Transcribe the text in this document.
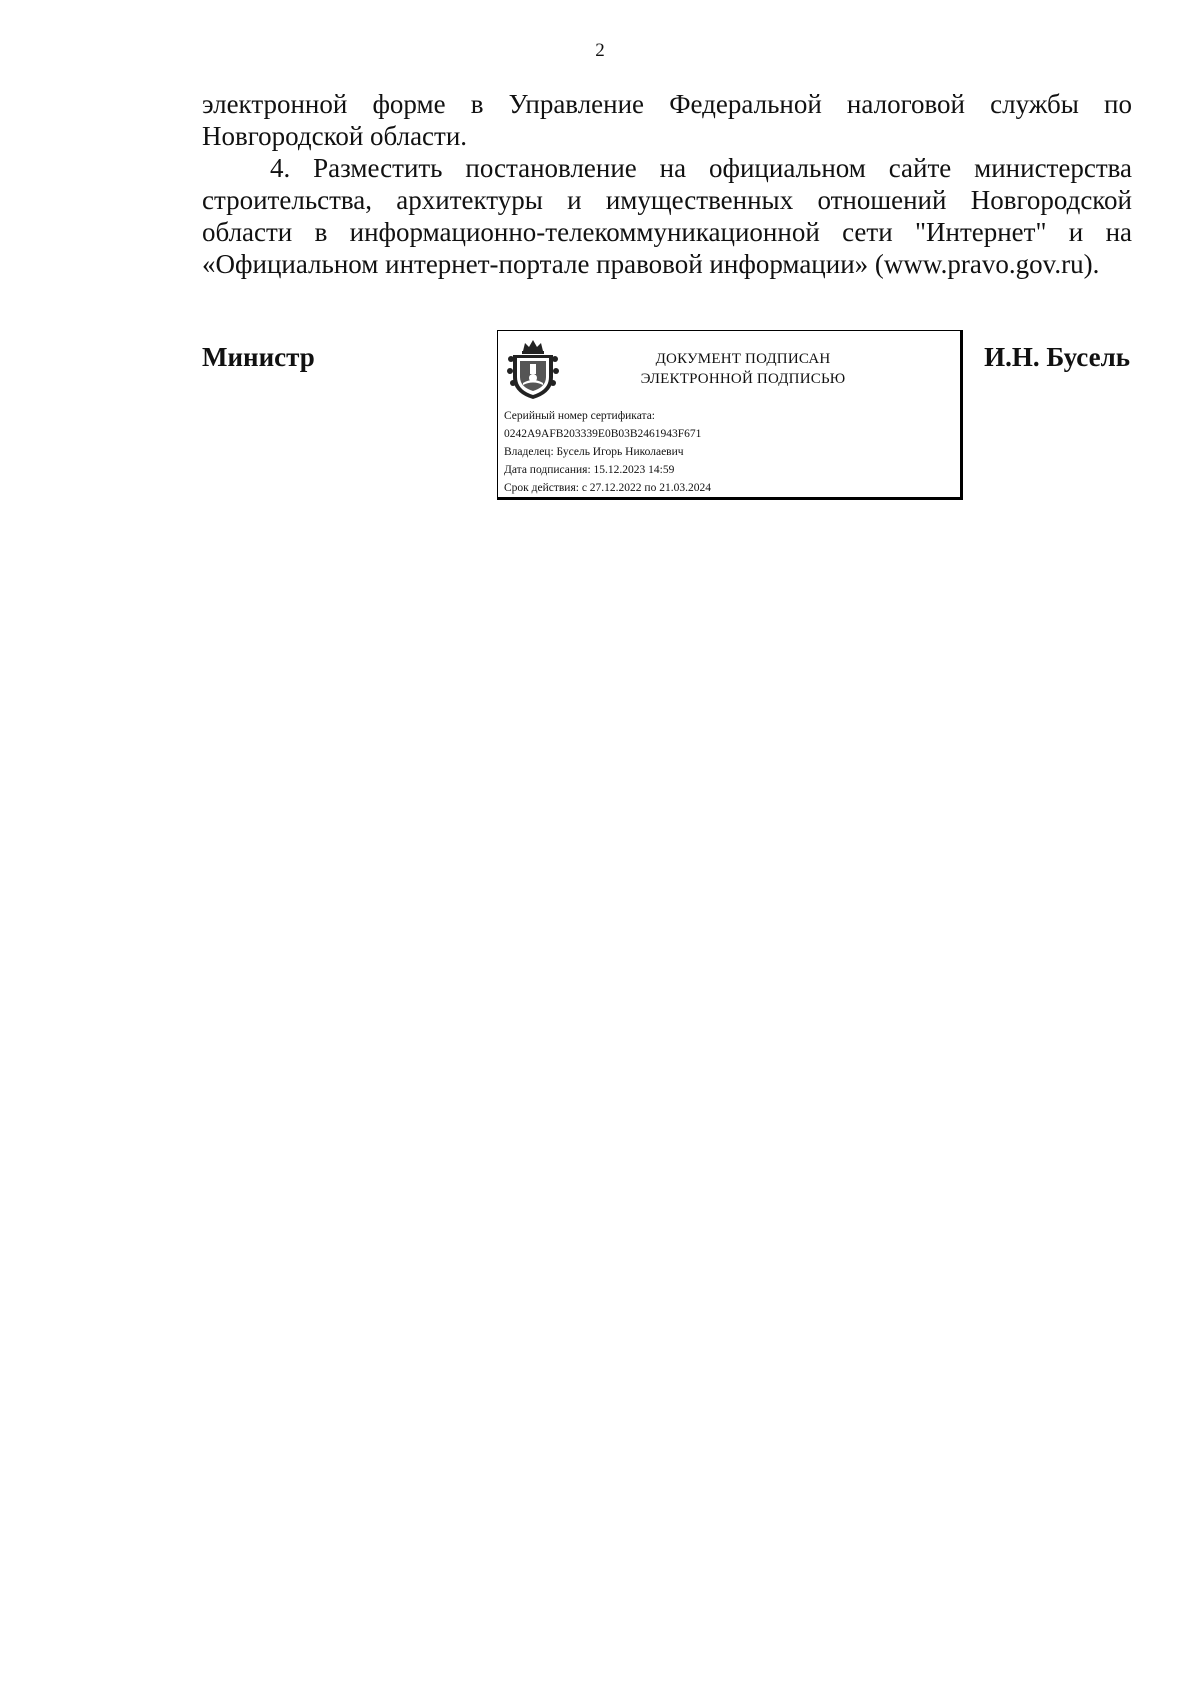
2

электронной форме в Управление Федеральной налоговой службы по Новгородской области.

4. Разместить постановление на официальном сайте министерства строительства, архитектуры и имущественных отношений Новгородской области в информационно-телекоммуникационной сети "Интернет" и на «Официальном интернет-портале правовой информации» (www.pravo.gov.ru).

Министр	И.Н. Бусель
ДОКУМЕНТ ПОДПИСАН
ЭЛЕКТРОННОЙ ПОДПИСЬЮ
Серийный номер сертификата:
0242A9AFB203339E0B03B2461943F671
Владелец: Бусель Игорь Николаевич
Дата подписания: 15.12.2023 14:59
Срок действия: с 27.12.2022 по 21.03.2024
